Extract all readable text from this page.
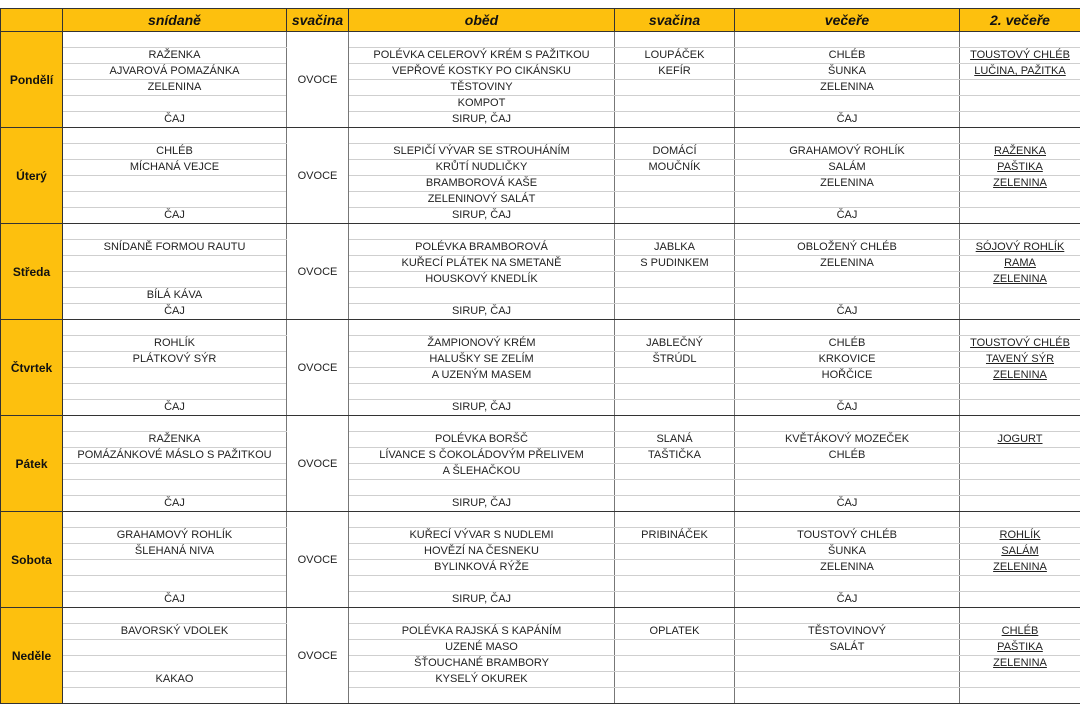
	snídaně	svačina	oběd	svačina	večeře	2. večeře
Pondělí		OVOCE				
	RAŽENKA		POLÉVKA CELEROVÝ KRÉM S PAŽITKOU	LOUPÁČEK	CHLÉB	TOUSTOVÝ CHLÉB
	AJVAROVÁ POMAZÁNKA		VEPŘOVÉ KOSTKY PO CIKÁNSKU	KEFÍR	ŠUNKA	LUČINA, PAŽITKA
	ZELENINA		TĚSTOVINY		ZELENINA	
			KOMPOT			
	ČAJ		SIRUP, ČAJ		ČAJ	
Úterý		OVOCE				
	CHLÉB		SLEPIČÍ VÝVAR SE STROUHÁNÍM	DOMÁCÍ	GRAHAMOVÝ ROHLÍK	RAŽENKA
	MÍCHANÁ VEJCE		KRŮTÍ NUDLIČKY	MOUČNÍK	SALÁM	PAŠTIKA
			BRAMBOROVÁ KAŠE		ZELENINA	ZELENINA
			ZELENINOVÝ SALÁT			
	ČAJ		SIRUP, ČAJ		ČAJ	
Středa		OVOCE				
	SNÍDANĚ FORMOU RAUTU		POLÉVKA BRAMBOROVÁ	JABLKA	OBLOŽENÝ CHLÉB	SÓJOVÝ ROHLÍK
			KUŘECÍ PLÁTEK NA SMETANĚ	S PUDINKEM	ZELENINA	RAMA
			HOUSKOVÝ KNEDLÍK			ZELENINA
	BÍLÁ KÁVA					
	ČAJ		SIRUP, ČAJ		ČAJ	
Čtvrtek		OVOCE				
	ROHLÍK		ŽAMPIONOVÝ KRÉM	JABLEČNÝ	CHLÉB	TOUSTOVÝ CHLÉB
	PLÁTKOVÝ SÝR		HALUŠKY SE ZELÍM	ŠTRÚDL	KRKOVICE	TAVENÝ SÝR
			A UZENÝM MASEM		HOŘČICE	ZELENINA

	ČAJ		SIRUP, ČAJ		ČAJ	
Pátek		OVOCE				
	RAŽENKA		POLÉVKA BORŠČ	SLANÁ	KVĚTÁKOVÝ MOZEČEK	JOGURT
	POMÁZÁNKOVÉ MÁSLO S PAŽITKOU		LÍVANCE S ČOKOLÁDOVÝM PŘELIVEM	TAŠTIČKA	CHLÉB	
			A ŠLEHAČKOU			

	ČAJ		SIRUP, ČAJ		ČAJ	
Sobota		OVOCE				
	GRAHAMOVÝ ROHLÍK		KUŘECÍ VÝVAR S NUDLEMI	PRIBINÁČEK	TOUSTOVÝ CHLÉB	ROHLÍK
	ŠLEHANÁ NIVA		HOVĚZÍ NA ČESNEKU		ŠUNKA	SALÁM
			BYLINKOVÁ RÝŽE		ZELENINA	ZELENINA

	ČAJ		SIRUP, ČAJ		ČAJ	
Neděle		OVOCE				
	BAVORSKÝ VDOLEK		POLÉVKA RAJSKÁ S KAPÁNÍM	OPLATEK	TĚSTOVINOVÝ	CHLÉB
			UZENÉ MASO		SALÁT	PAŠTIKA
			ŠŤOUCHANÉ BRAMBORY			ZELENINA
	KAKAO		KYSELÝ OKUREK			
